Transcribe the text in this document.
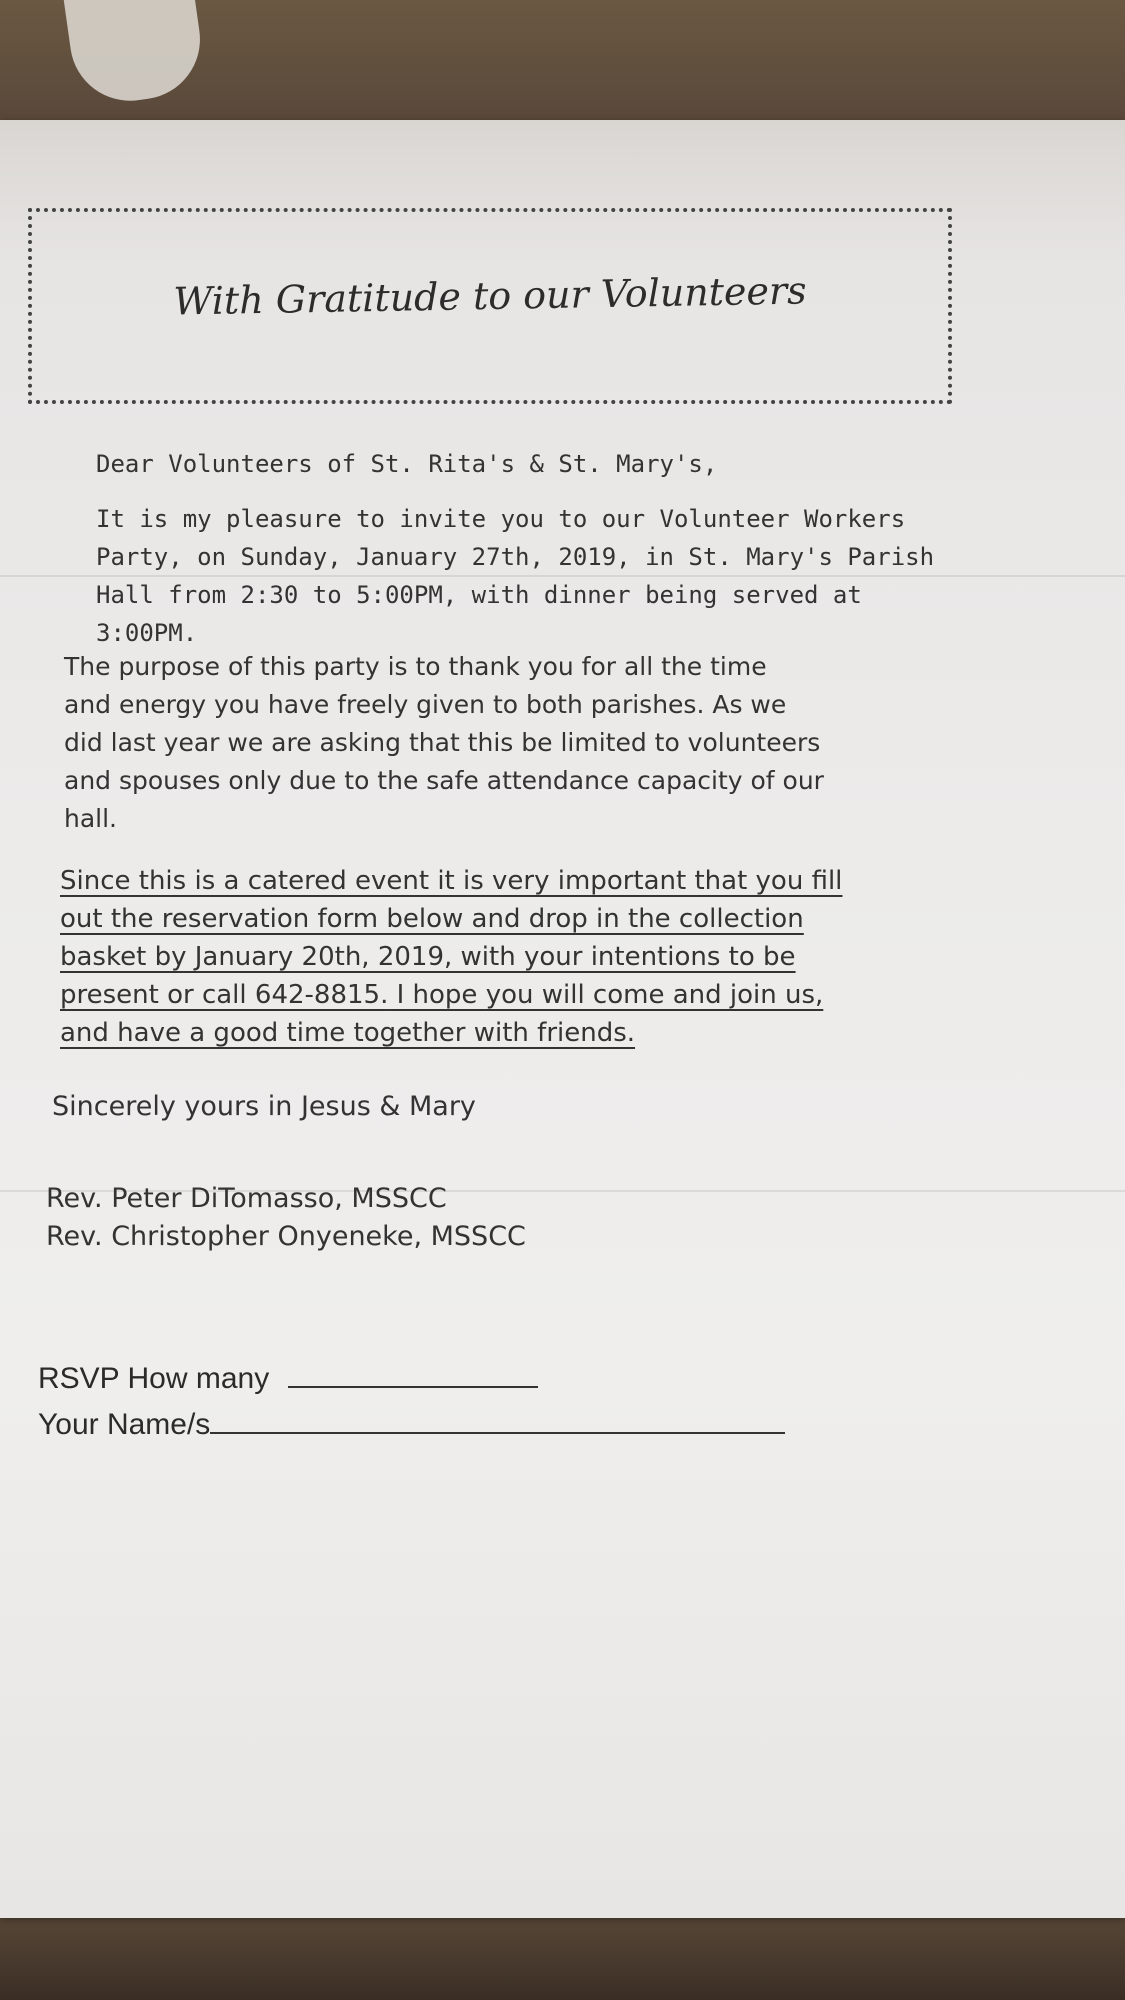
With Gratitude to our Volunteers
Dear Volunteers of St. Rita's & St. Mary's,
It is my pleasure to invite you to our Volunteer Workers
Party, on Sunday, January 27th, 2019, in St. Mary's Parish
Hall from 2:30 to 5:00PM, with dinner being served at
3:00PM.
The purpose of this party is to thank you for all the time
and energy you have freely given to both parishes. As we
did last year we are asking that this be limited to volunteers
and spouses only due to the safe attendance capacity of our
hall.
Since this is a catered event it is very important that you fill
out the reservation form below and drop in the collection
basket by January 20th, 2019, with your intentions to be
present or call 642-8815. I hope you will come and join us,
and have a good time together with friends.
Sincerely yours in Jesus & Mary
Rev. Peter DiTomasso, MSSCC
Rev. Christopher Onyeneke, MSSCC
RSVP How many
Your Name/s
